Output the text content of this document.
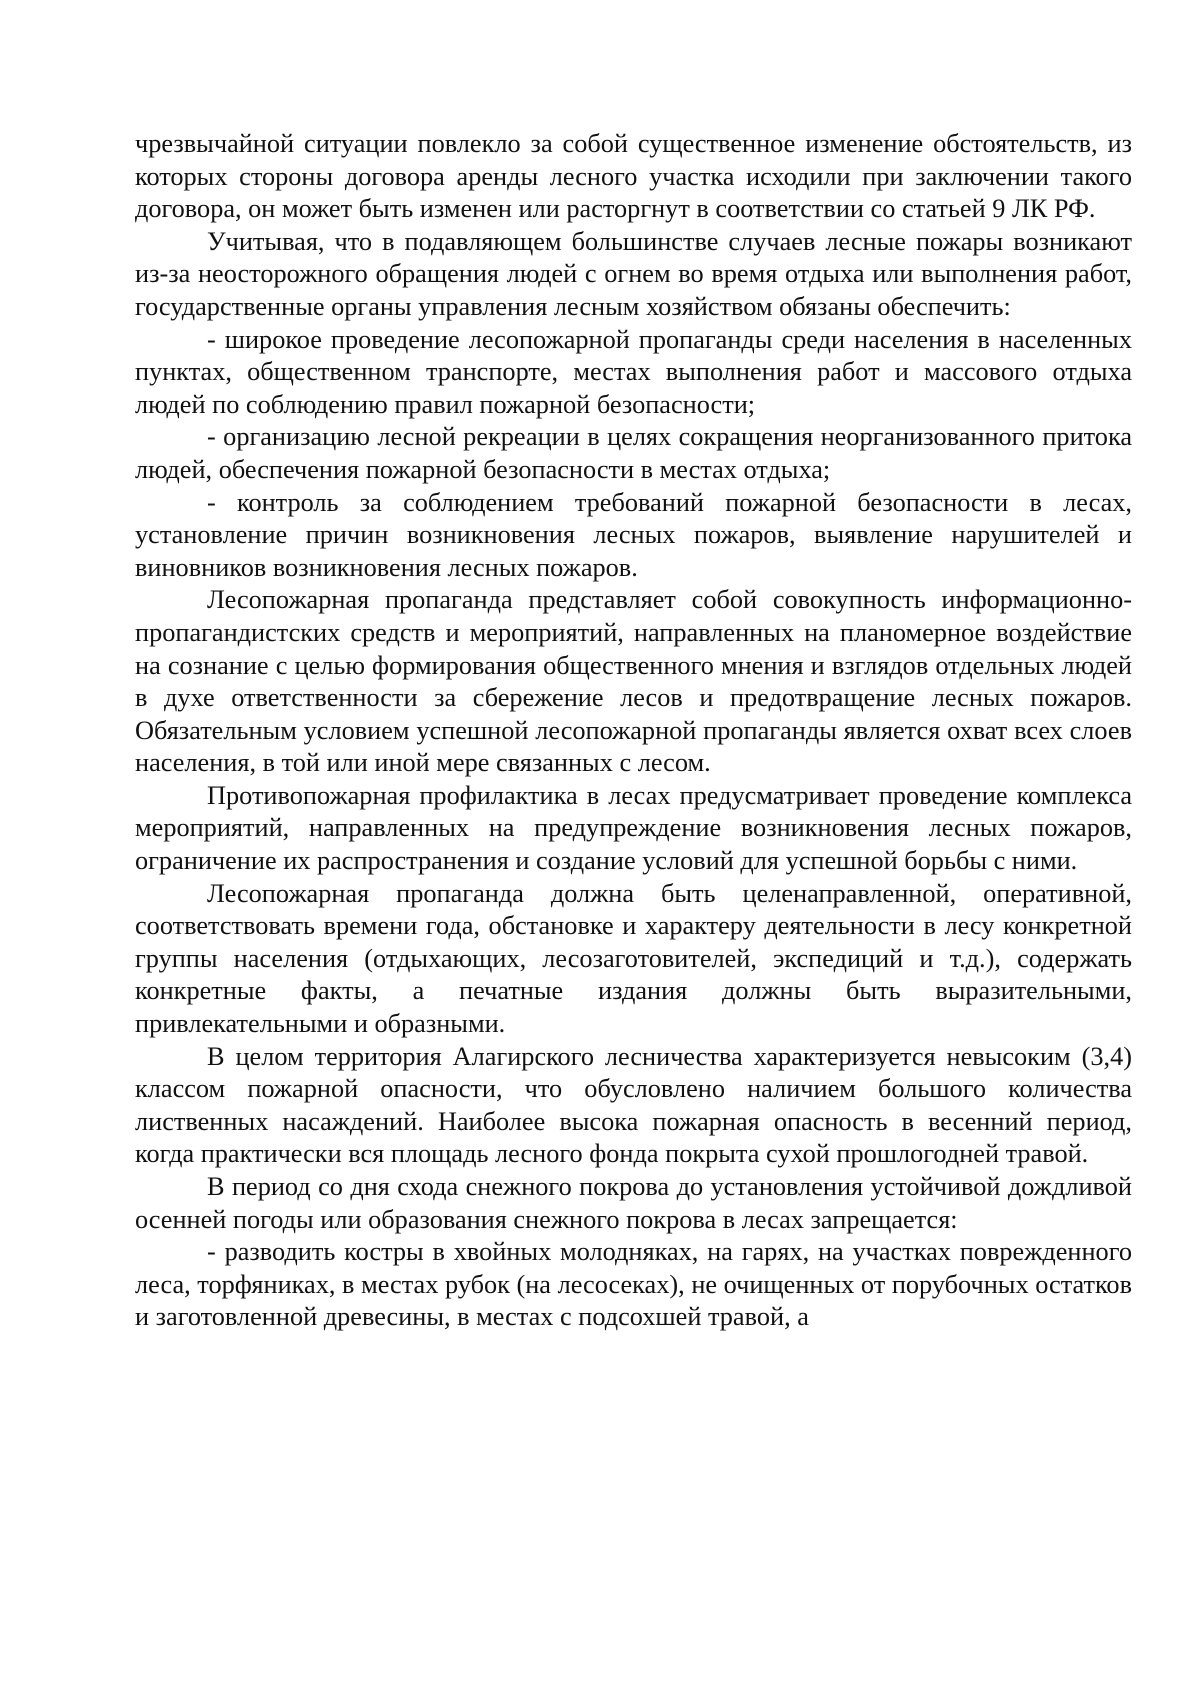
чрезвычайной ситуации повлекло за собой существенное изменение обстоятельств, из которых стороны договора аренды лесного участка исходили при заключении такого договора, он может быть изменен или расторгнут в соответствии со статьей 9 ЛК РФ.

Учитывая, что в подавляющем большинстве случаев лесные пожары возникают из-за неосторожного обращения людей с огнем во время отдыха или выполнения работ, государственные органы управления лесным хозяйством обязаны обеспечить:

- широкое проведение лесопожарной пропаганды среди населения в населенных пунктах, общественном транспорте, местах выполнения работ и массового отдыха людей по соблюдению правил пожарной безопасности;

- организацию лесной рекреации в целях сокращения неорганизованного притока людей, обеспечения пожарной безопасности в местах отдыха;

- контроль за соблюдением требований пожарной безопасности в лесах, установление причин возникновения лесных пожаров, выявление нарушителей и виновников возникновения лесных пожаров.

Лесопожарная пропаганда представляет собой совокупность информационно-пропагандистских средств и мероприятий, направленных на планомерное воздействие на сознание с целью формирования общественного мнения и взглядов отдельных людей в духе ответственности за сбережение лесов и предотвращение лесных пожаров. Обязательным условием успешной лесопожарной пропаганды является охват всех слоев населения, в той или иной мере связанных с лесом.

Противопожарная профилактика в лесах предусматривает проведение комплекса мероприятий, направленных на предупреждение возникновения лесных пожаров, ограничение их распространения и создание условий для успешной борьбы с ними.

Лесопожарная пропаганда должна быть целенаправленной, оперативной, соответствовать времени года, обстановке и характеру деятельности в лесу конкретной группы населения (отдыхающих, лесозаготовителей, экспедиций и т.д.), содержать конкретные факты, а печатные издания должны быть выразительными, привлекательными и образными.

В целом территория Алагирского лесничества характеризуется невысоким (3,4) классом пожарной опасности, что обусловлено наличием большого количества лиственных насаждений. Наиболее высока пожарная опасность в весенний период, когда практически вся площадь лесного фонда покрыта сухой прошлогодней травой.

В период со дня схода снежного покрова до установления устойчивой дождливой осенней погоды или образования снежного покрова в лесах запрещается:

- разводить костры в хвойных молодняках, на гарях, на участках поврежденного леса, торфяниках, в местах рубок (на лесосеках), не очищенных от порубочных остатков и заготовленной древесины, в местах с подсохшей травой, а
